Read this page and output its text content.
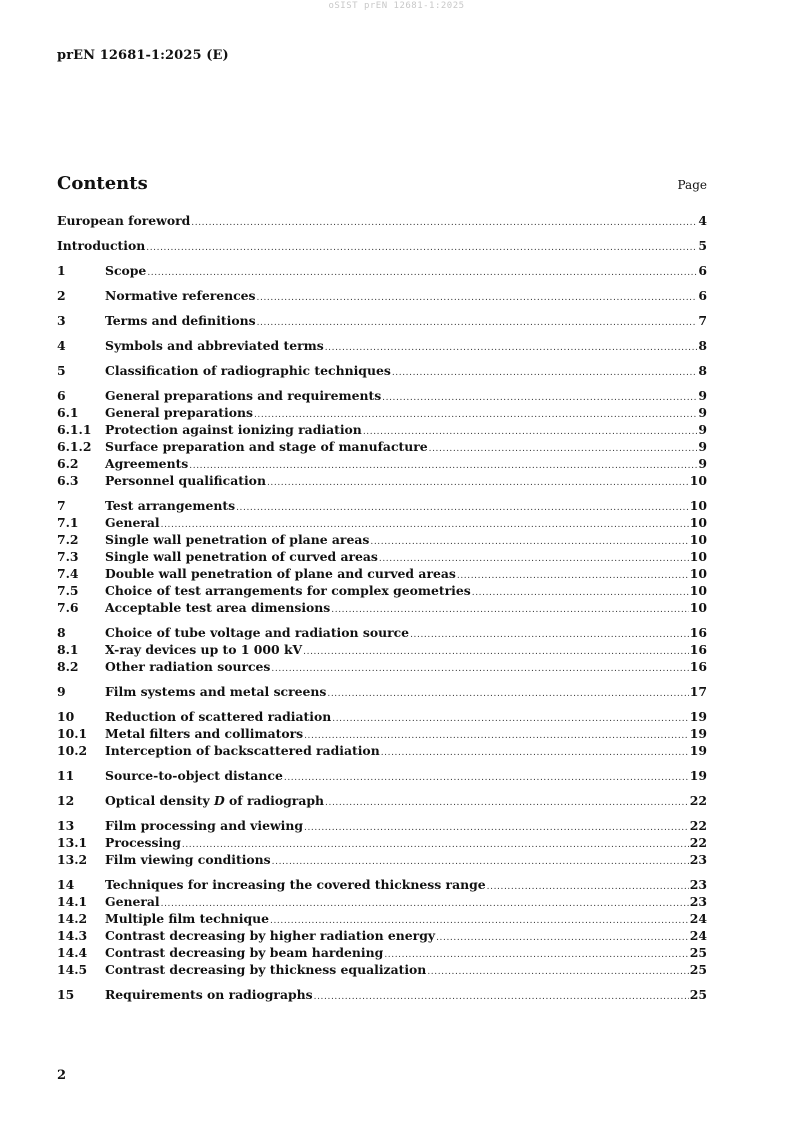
oSIST prEN 12681-1:2025
prEN 12681-1:2025 (E)
Contents	Page
European foreword .....	4
Introduction .....	5
1	Scope .....	6
2	Normative references .....	6
3	Terms and definitions .....	7
4	Symbols and abbreviated terms .....	8
5	Classification of radiographic techniques .....	8
6	General preparations and requirements .....	9
6.1	General preparations .....	9
6.1.1	Protection against ionizing radiation .....	9
6.1.2	Surface preparation and stage of manufacture .....	9
6.2	Agreements .....	9
6.3	Personnel qualification .....	10
7	Test arrangements .....	10
7.1	General .....	10
7.2	Single wall penetration of plane areas .....	10
7.3	Single wall penetration of curved areas .....	10
7.4	Double wall penetration of plane and curved areas .....	10
7.5	Choice of test arrangements for complex geometries .....	10
7.6	Acceptable test area dimensions .....	10
8	Choice of tube voltage and radiation source .....	16
8.1	X-ray devices up to 1 000 kV .....	16
8.2	Other radiation sources .....	16
9	Film systems and metal screens .....	17
10	Reduction of scattered radiation .....	19
10.1	Metal filters and collimators .....	19
10.2	Interception of backscattered radiation .....	19
11	Source-to-object distance .....	19
12	Optical density D of radiograph .....	22
13	Film processing and viewing .....	22
13.1	Processing .....	22
13.2	Film viewing conditions .....	23
14	Techniques for increasing the covered thickness range .....	23
14.1	General .....	23
14.2	Multiple film technique .....	24
14.3	Contrast decreasing by higher radiation energy .....	24
14.4	Contrast decreasing by beam hardening .....	25
14.5	Contrast decreasing by thickness equalization .....	25
15	Requirements on radiographs .....	25
2
